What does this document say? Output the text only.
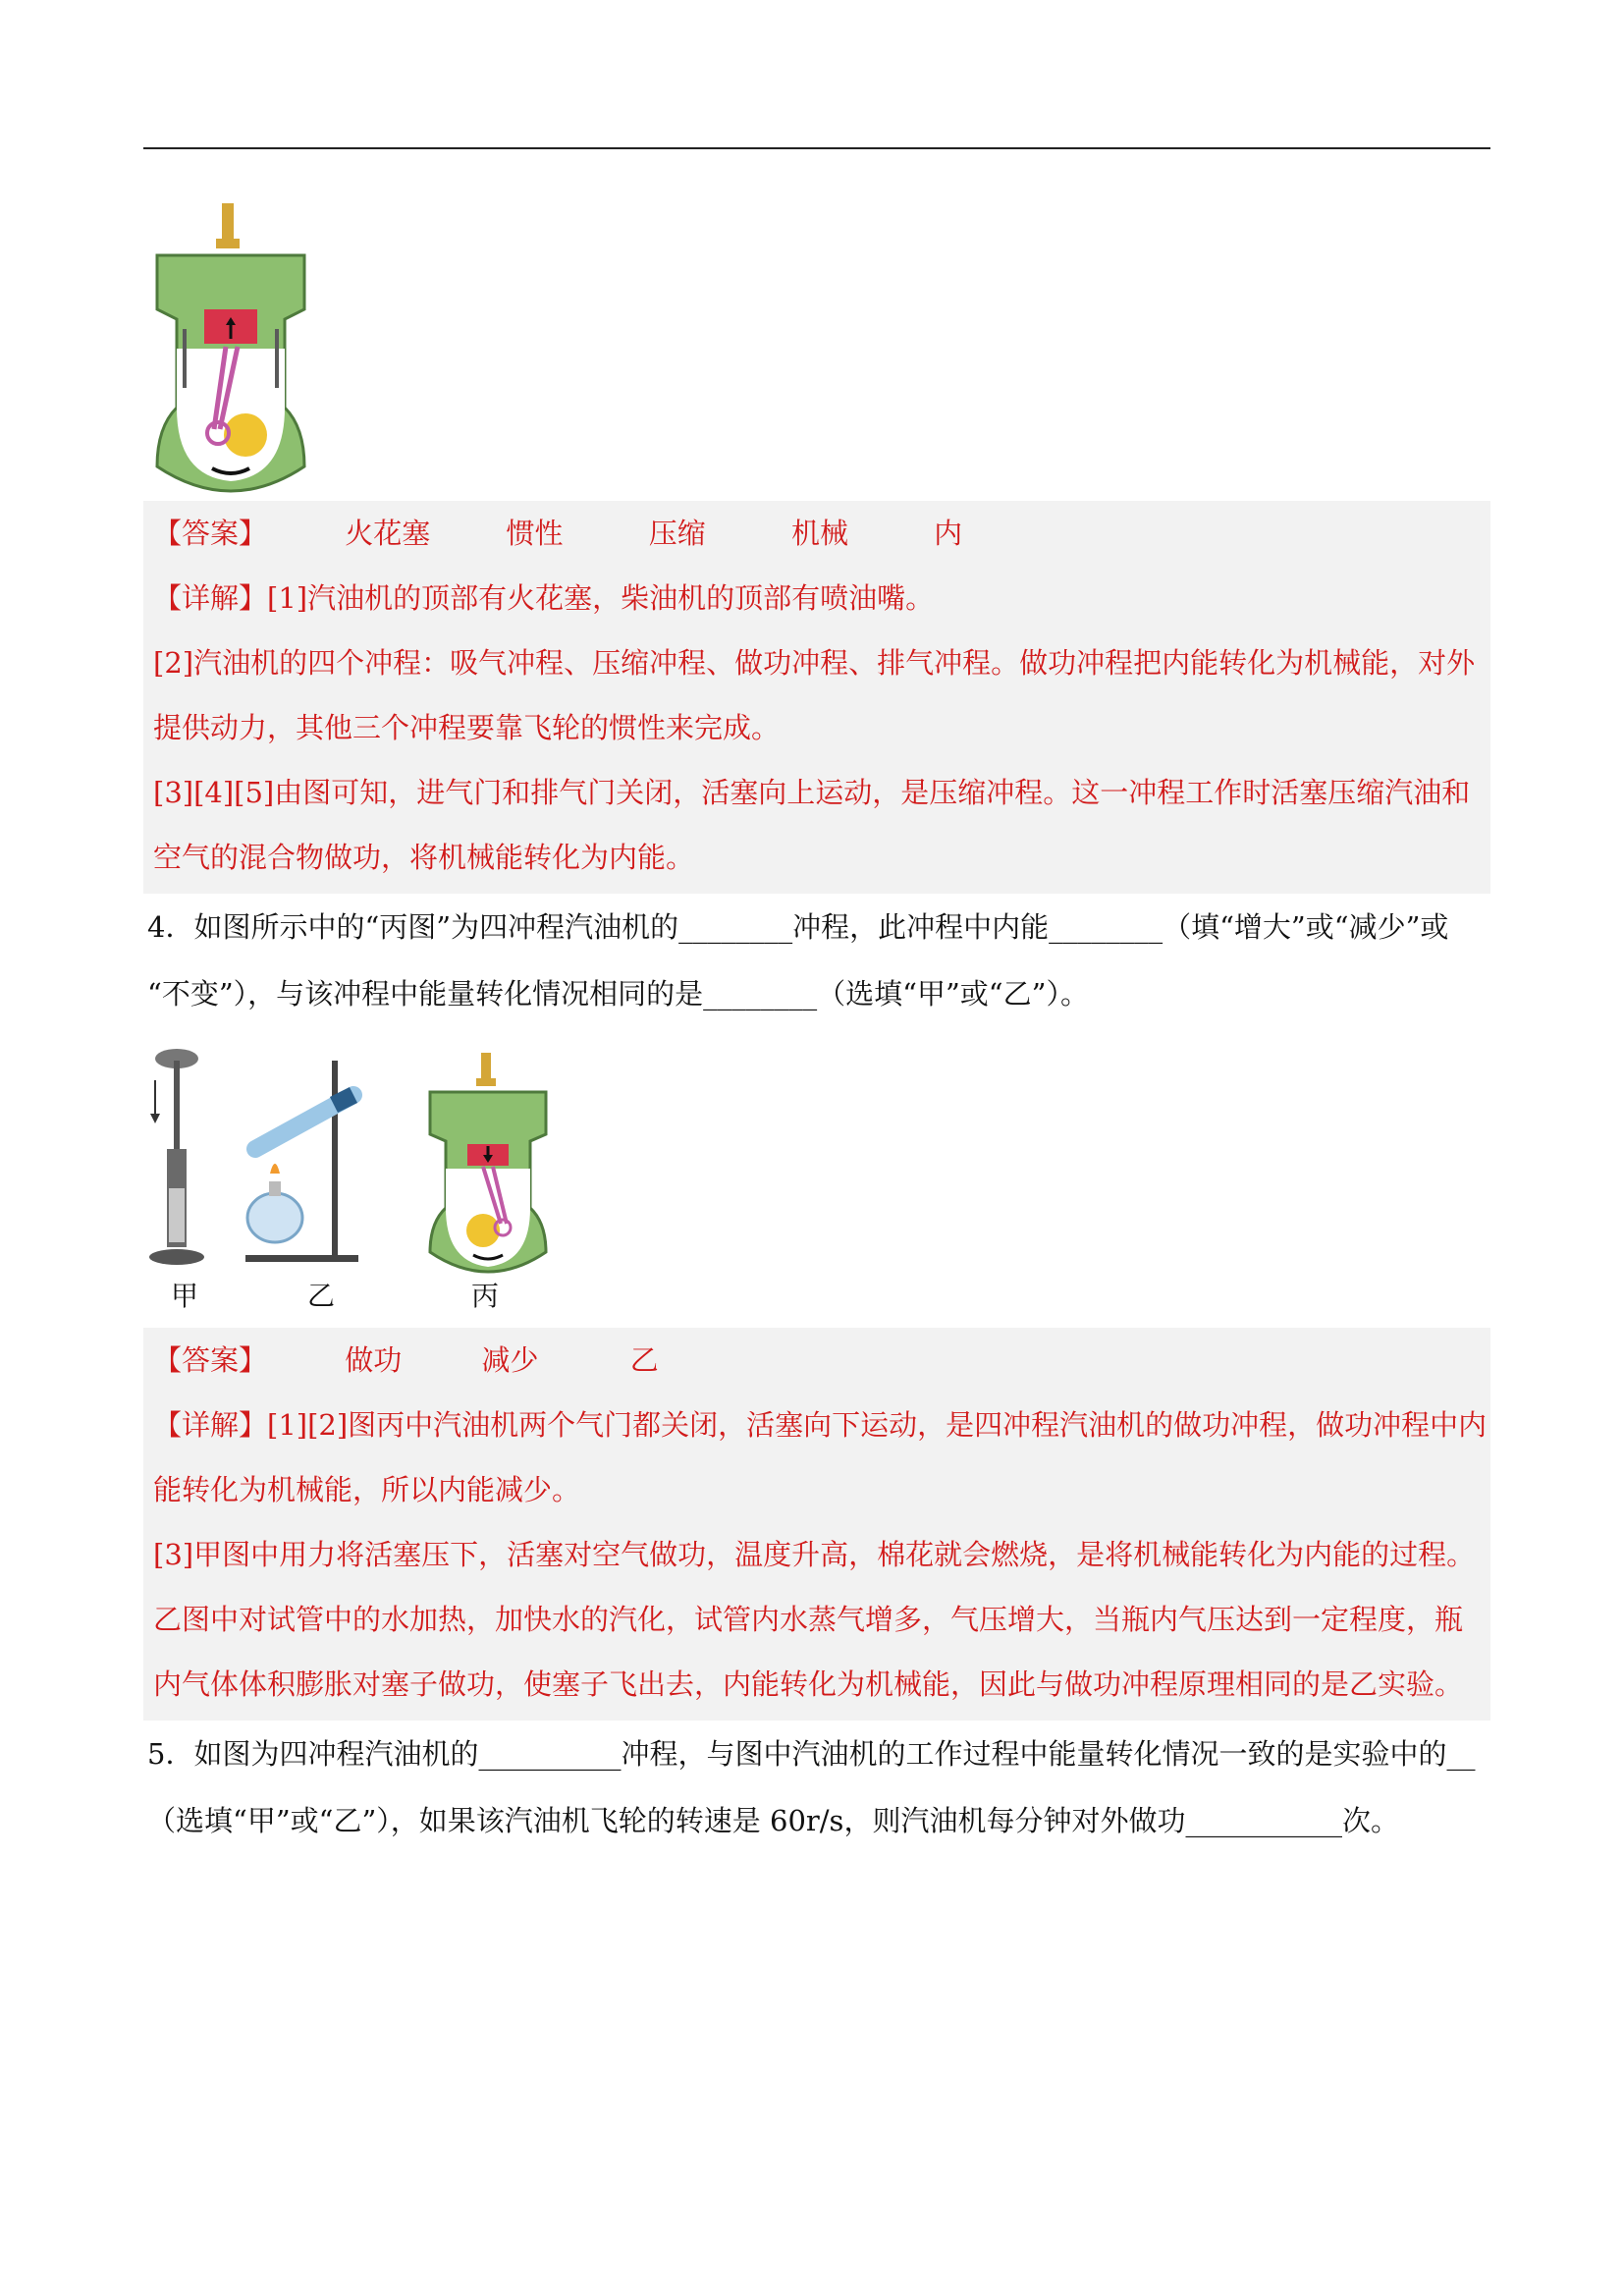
【答案】	火花塞	惯性	压缩	机械	内

【详解】[1]汽油机的顶部有火花塞，柴油机的顶部有喷油嘴。

[2]汽油机的四个冲程：吸气冲程、压缩冲程、做功冲程、排气冲程。做功冲程把内能转化为机械能，对外

提供动力，其他三个冲程要靠飞轮的惯性来完成。

[3][4][5]由图可知，进气门和排气门关闭，活塞向上运动，是压缩冲程。这一冲程工作时活塞压缩汽油和

空气的混合物做功，将机械能转化为内能。

4．如图所示中的“丙图”为四冲程汽油机的________冲程，此冲程中内能________（填“增大”或“减少”或

“不变”），与该冲程中能量转化情况相同的是________（选填“甲”或“乙”）。

甲	乙	丙

【答案】	做功	减少	乙

【详解】[1][2]图丙中汽油机两个气门都关闭，活塞向下运动，是四冲程汽油机的做功冲程，做功冲程中内

能转化为机械能，所以内能减少。

[3]甲图中用力将活塞压下，活塞对空气做功，温度升高，棉花就会燃烧，是将机械能转化为内能的过程。

乙图中对试管中的水加热，加快水的汽化，试管内水蒸气增多，气压增大，当瓶内气压达到一定程度，瓶

内气体体积膨胀对塞子做功，使塞子飞出去，内能转化为机械能，因此与做功冲程原理相同的是乙实验。

5．如图为四冲程汽油机的__________冲程，与图中汽油机的工作过程中能量转化情况一致的是实验中的__

（选填“甲”或“乙”），如果该汽油机飞轮的转速是 60r/s，则汽油机每分钟对外做功___________次。
